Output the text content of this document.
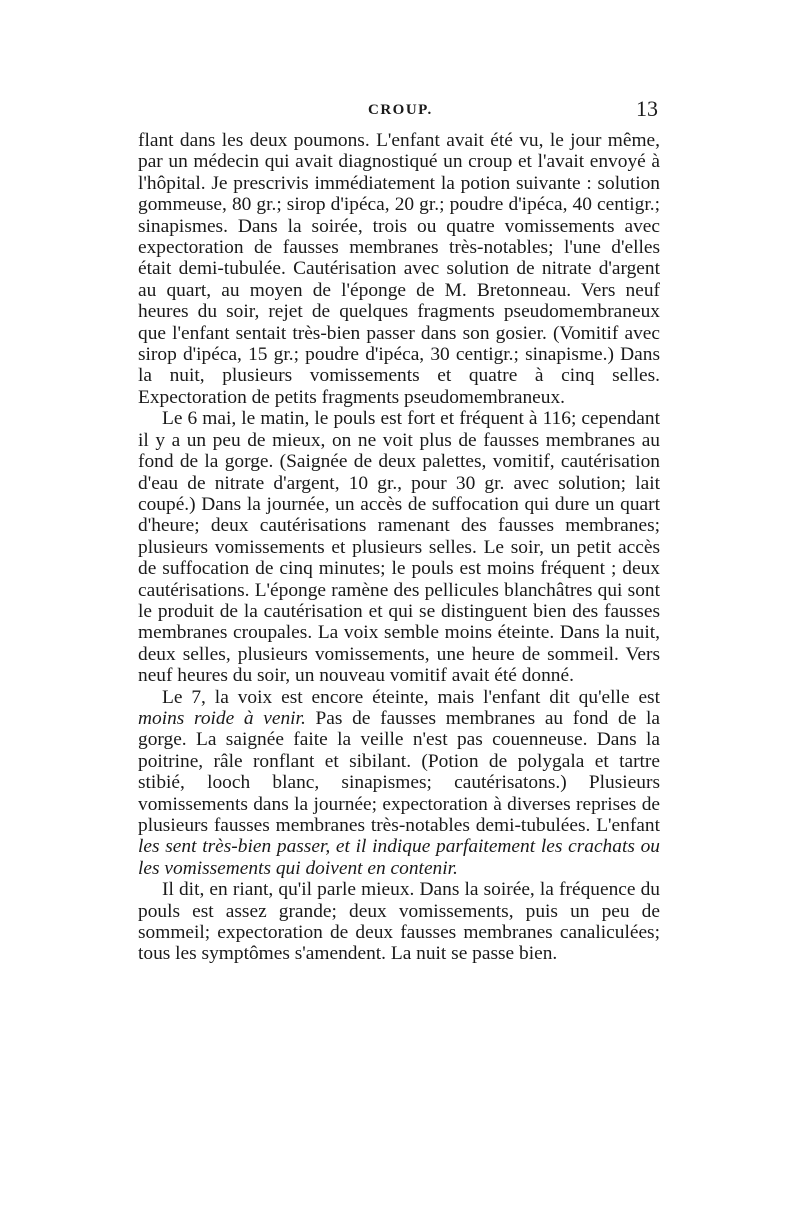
CROUP.	13

flant dans les deux poumons. L'enfant avait été vu, le jour même, par un médecin qui avait diagnostiqué un croup et l'avait envoyé à l'hôpital. Je prescrivis immédiatement la potion suivante : solution gommeuse, 80 gr.; sirop d'ipéca, 20 gr.; poudre d'ipéca, 40 centigr.; sinapismes. Dans la soirée, trois ou quatre vomissements avec expectoration de fausses membranes très-notables; l'une d'elles était demi-tubulée. Cautérisation avec solution de nitrate d'argent au quart, au moyen de l'éponge de M. Bretonneau. Vers neuf heures du soir, rejet de quelques fragments pseudomembraneux que l'enfant sentait très-bien passer dans son gosier. (Vomitif avec sirop d'ipéca, 15 gr.; poudre d'ipéca, 30 centigr.; sinapisme.) Dans la nuit, plusieurs vomissements et quatre à cinq selles. Expectoration de petits fragments pseudomembraneux.

Le 6 mai, le matin, le pouls est fort et fréquent à 116; cependant il y a un peu de mieux, on ne voit plus de fausses membranes au fond de la gorge. (Saignée de deux palettes, vomitif, cautérisation d'eau de nitrate d'argent, 10 gr., pour 30 gr. avec solution; lait coupé.) Dans la journée, un accès de suffocation qui dure un quart d'heure; deux cautérisations ramenant des fausses membranes; plusieurs vomissements et plusieurs selles. Le soir, un petit accès de suffocation de cinq minutes; le pouls est moins fréquent ; deux cautérisations. L'éponge ramène des pellicules blanchâtres qui sont le produit de la cautérisation et qui se distinguent bien des fausses membranes croupales. La voix semble moins éteinte. Dans la nuit, deux selles, plusieurs vomissements, une heure de sommeil. Vers neuf heures du soir, un nouveau vomitif avait été donné.

Le 7, la voix est encore éteinte, mais l'enfant dit qu'elle est moins roide à venir. Pas de fausses membranes au fond de la gorge. La saignée faite la veille n'est pas couenneuse. Dans la poitrine, râle ronflant et sibilant. (Potion de polygala et tartre stibié, looch blanc, sinapismes; cautérisatons.) Plusieurs vomissements dans la journée; expectoration à diverses reprises de plusieurs fausses membranes très-notables demi-tubulées. L'enfant les sent très-bien passer, et il indique parfaitement les crachats ou les vomissements qui doivent en contenir.

Il dit, en riant, qu'il parle mieux. Dans la soirée, la fréquence du pouls est assez grande; deux vomissements, puis un peu de sommeil; expectoration de deux fausses membranes canaliculées; tous les symptômes s'amendent. La nuit se passe bien.
